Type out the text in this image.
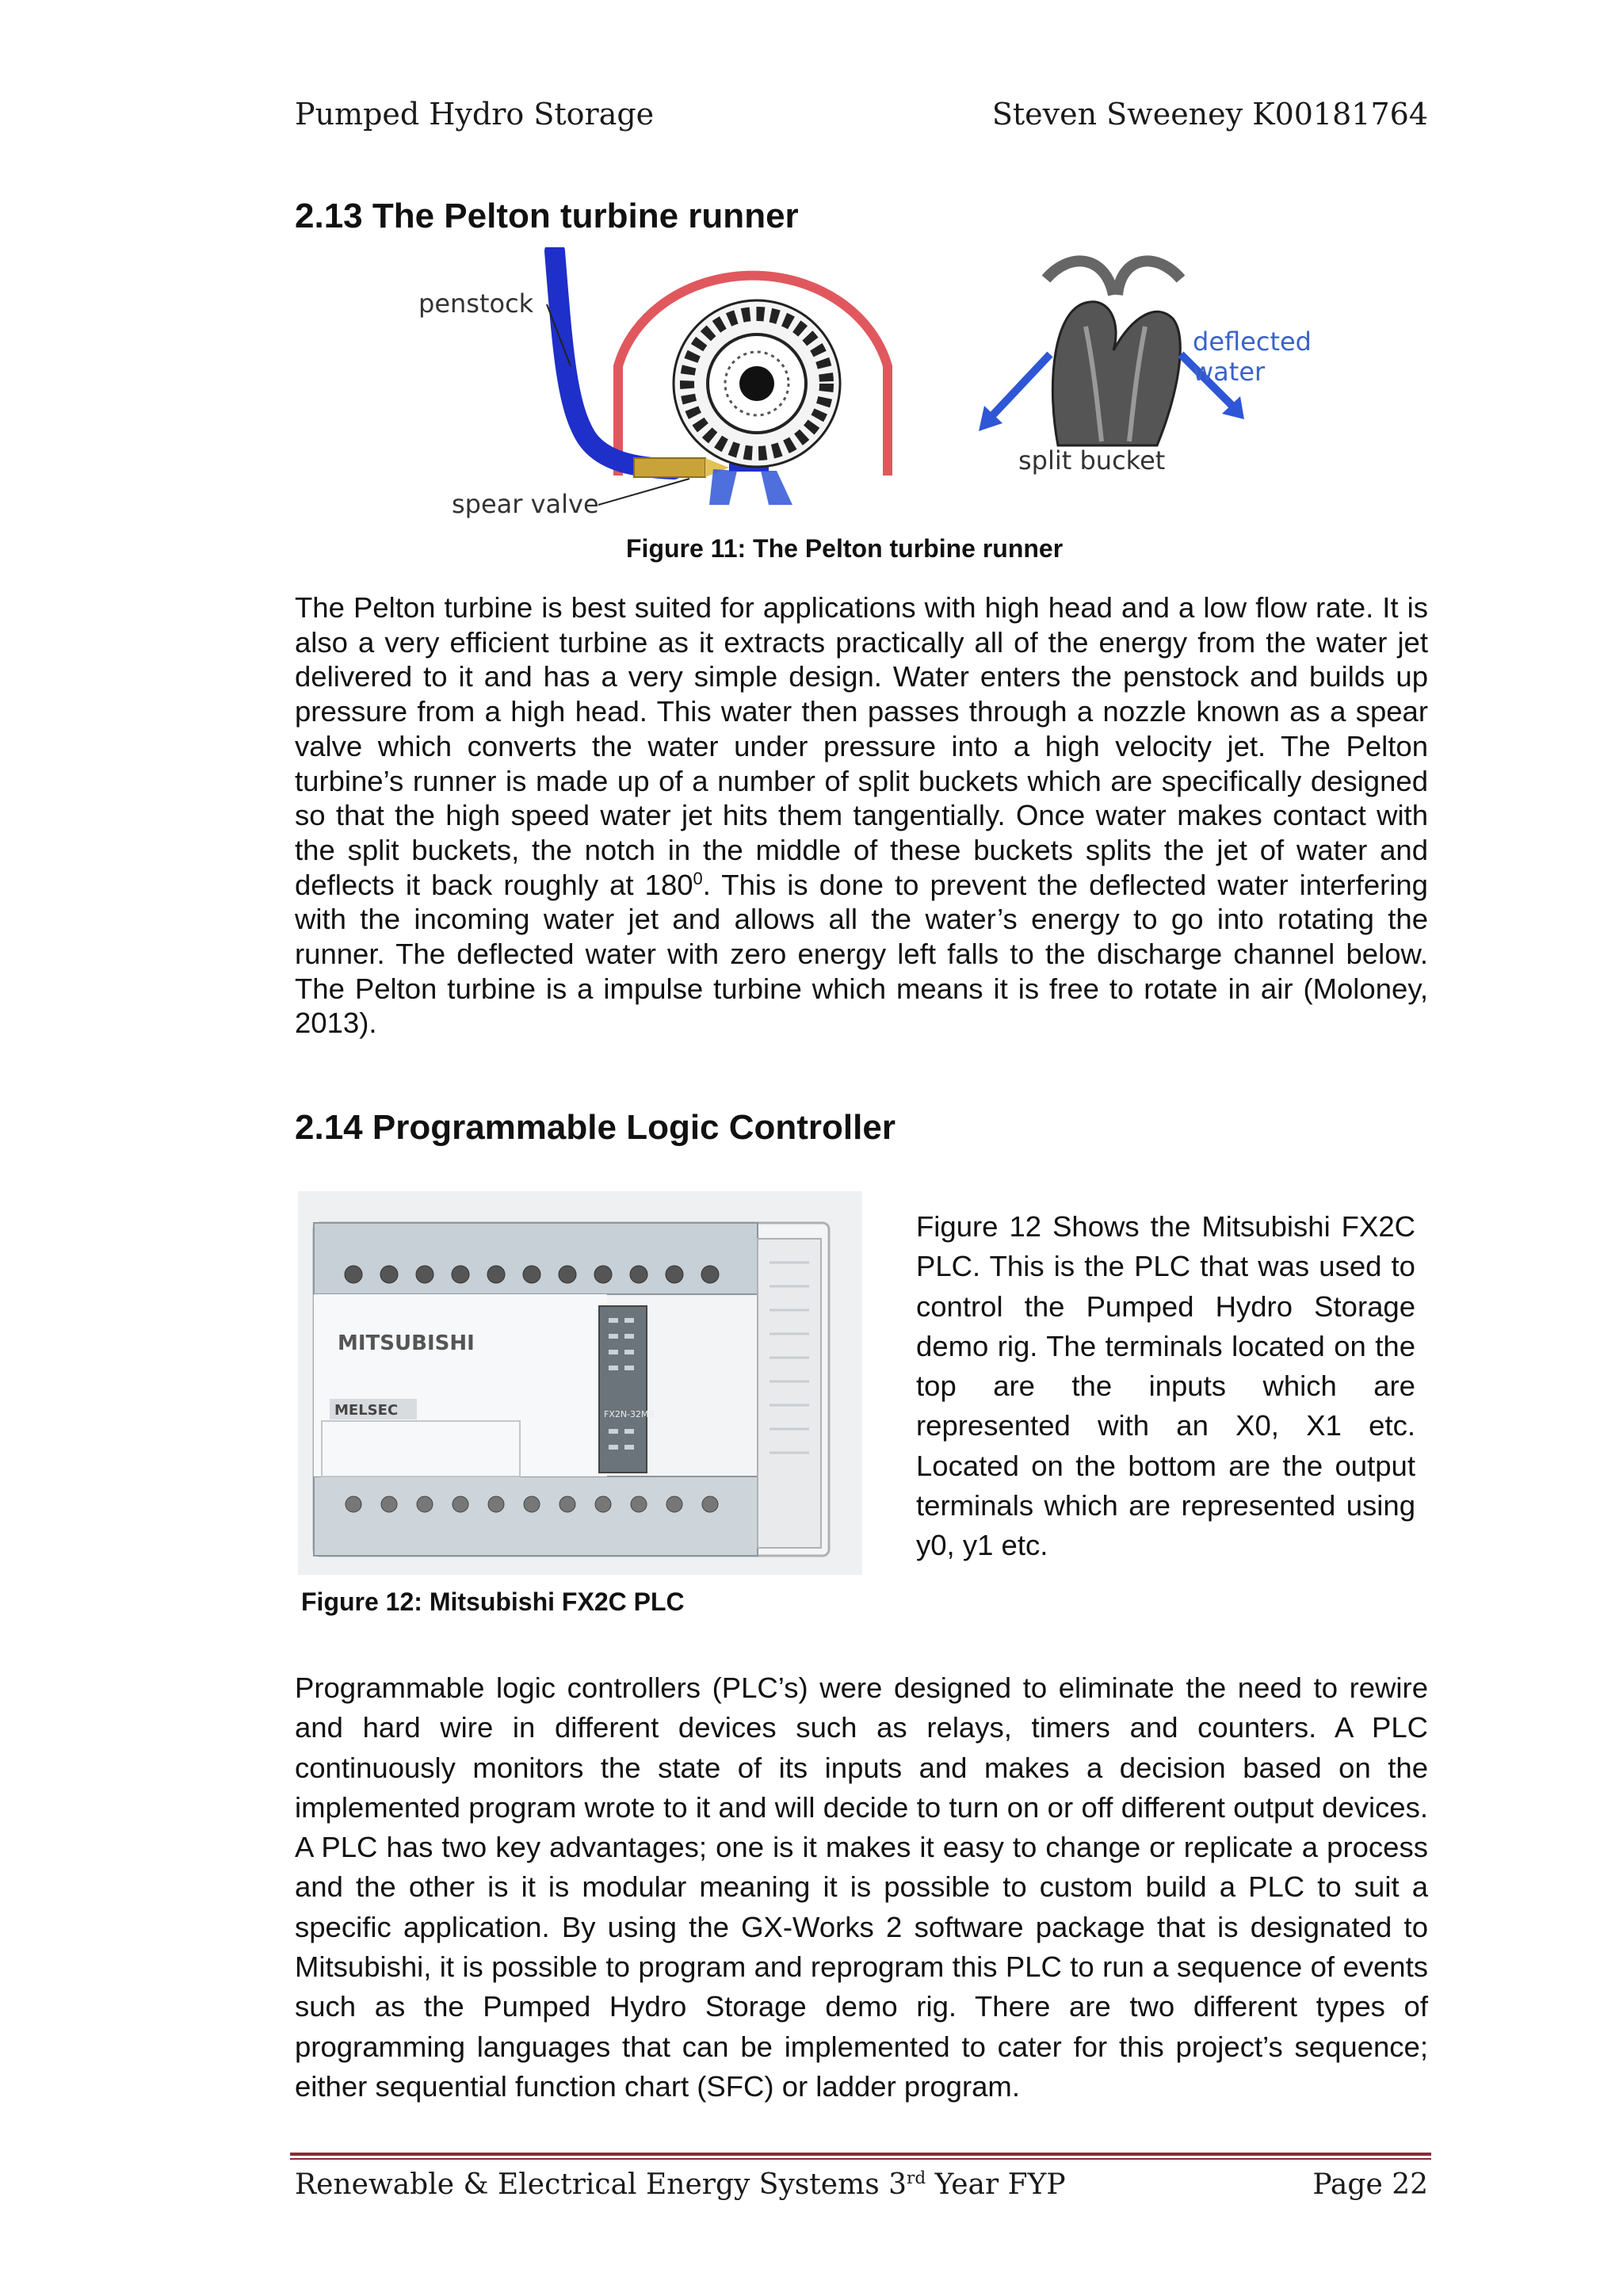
Pumped Hydro Storage	Steven Sweeney K00181764
2.13 The Pelton turbine runner
penstock
spear valve
deflected
water
split bucket
Figure 11: The Pelton turbine runner

The Pelton turbine is best suited for applications with high head and a low flow rate. It is also a very efficient turbine as it extracts practically all of the energy from the water jet delivered to it and has a very simple design. Water enters the penstock and builds up pressure from a high head. This water then passes through a nozzle known as a spear valve which converts the water under pressure into a high velocity jet. The Pelton turbine’s runner is made up of a number of split buckets which are specifically designed so that the high speed water jet hits them tangentially. Once water makes contact with the split buckets, the notch in the middle of these buckets splits the jet of water and deflects it back roughly at $180^0$. This is done to prevent the deflected water interfering with the incoming water jet and allows all the water’s energy to go into rotating the runner. The deflected water with zero energy left falls to the discharge channel below. The Pelton turbine is a impulse turbine which means it is free to rotate in air (Moloney, 2013).

2.14 Programmable Logic Controller
MITSUBISHI
MELSEC	FX2N-32MR

Figure 12 Shows the Mitsubishi FX2C PLC. This is the PLC that was used to control the Pumped Hydro Storage demo rig. The terminals located on the top are the inputs which are represented with an X0, X1 etc. Located on the bottom are the output terminals which are represented using y0, y1 etc.

Figure 12: Mitsubishi FX2C PLC

Programmable logic controllers (PLC’s) were designed to eliminate the need to rewire and hard wire in different devices such as relays, timers and counters. A PLC continuously monitors the state of its inputs and makes a decision based on the implemented program wrote to it and will decide to turn on or off different output devices. A PLC has two key advantages; one is it makes it easy to change or replicate a process and the other is it is modular meaning it is possible to custom build a PLC to suit a specific application. By using the GX-Works 2 software package that is designated to Mitsubishi, it is possible to program and reprogram this PLC to run a sequence of events such as the Pumped Hydro Storage demo rig. There are two different types of programming languages that can be implemented to cater for this project’s sequence; either sequential function chart (SFC) or ladder program.

Renewable & Electrical Energy Systems 3rd Year FYP	Page 22
